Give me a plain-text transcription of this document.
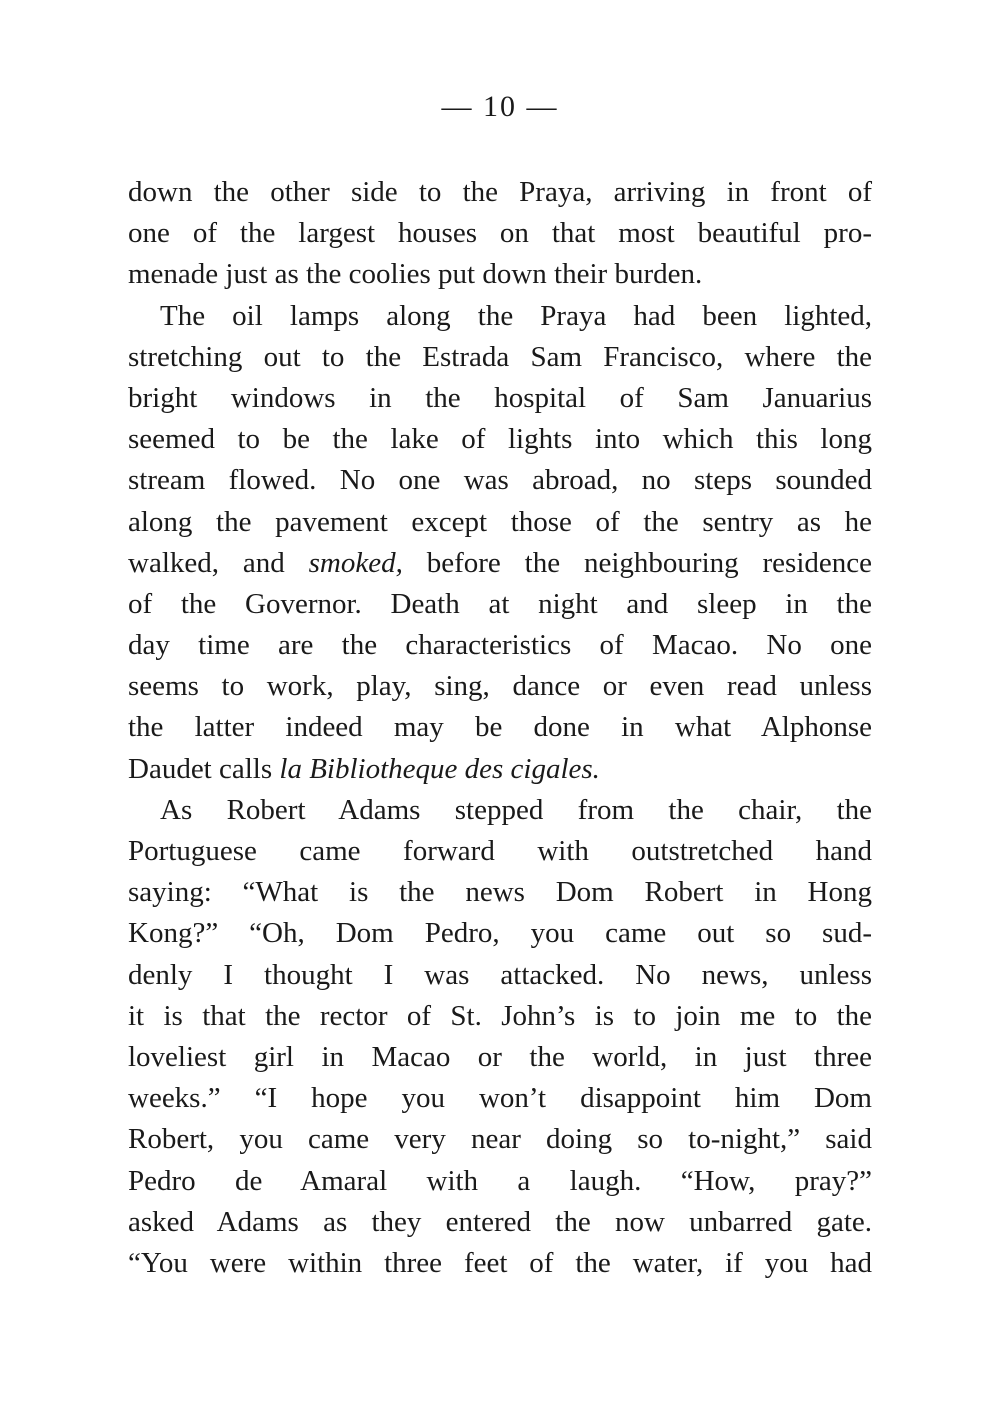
— 10 —
down the other side to the Praya, arriving in front of
one of the largest houses on that most beautiful pro-
menade just as the coolies put down their burden.
The oil lamps along the Praya had been lighted,
stretching out to the Estrada Sam Francisco, where the
bright windows in the hospital of Sam Januarius
seemed to be the lake of lights into which this long
stream flowed. No one was abroad, no steps sounded
along the pavement except those of the sentry as he
walked, and smoked, before the neighbouring residence
of the Governor. Death at night and sleep in the
day time are the characteristics of Macao. No one
seems to work, play, sing, dance or even read unless
the latter indeed may be done in what Alphonse
Daudet calls la Bibliotheque des cigales.
As Robert Adams stepped from the chair, the
Portuguese came forward with outstretched hand
saying: “What is the news Dom Robert in Hong
Kong?” “Oh, Dom Pedro, you came out so sud-
denly I thought I was attacked. No news, unless
it is that the rector of St. John’s is to join me to the
loveliest girl in Macao or the world, in just three
weeks.” “I hope you won’t disappoint him Dom
Robert, you came very near doing so to-night,” said
Pedro de Amaral with a laugh. “How, pray?”
asked Adams as they entered the now unbarred gate.
“You were within three feet of the water, if you had
